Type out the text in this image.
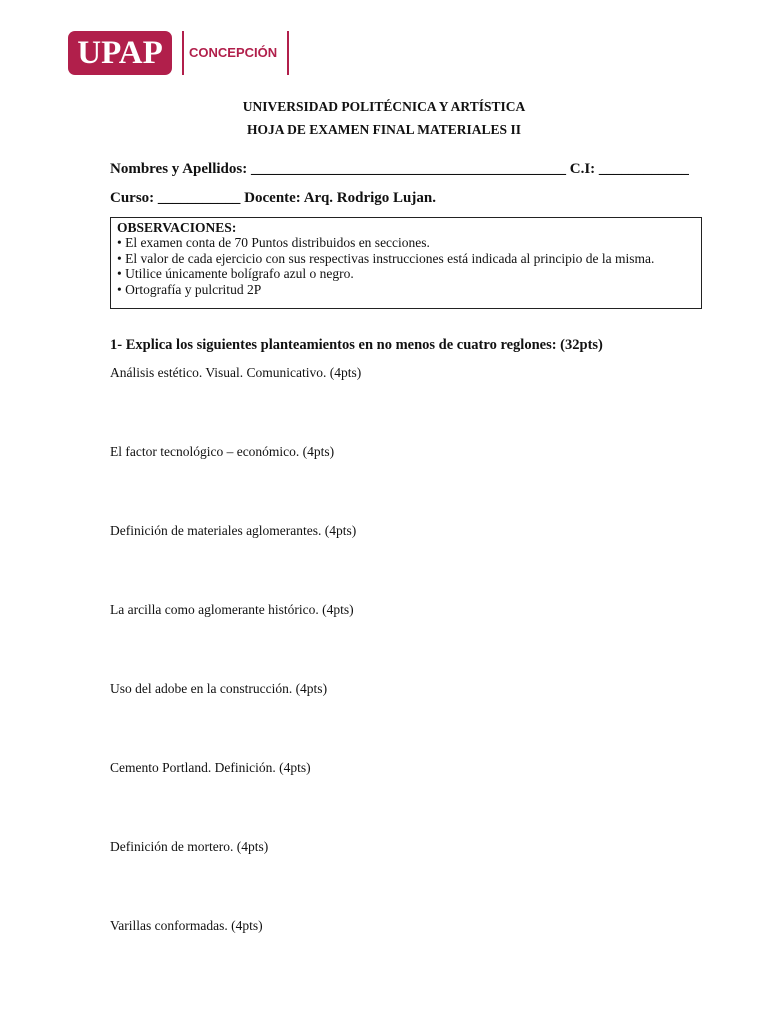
UPAP CONCEPCIÓN
UNIVERSIDAD POLITÉCNICA Y ARTÍSTICA
HOJA DE EXAMEN FINAL MATERIALES II
Nombres y Apellidos: __________________________________________ C.I: ____________
Curso: ___________ Docente: Arq. Rodrigo Lujan.
OBSERVACIONES:
• El examen conta de 70 Puntos distribuidos en secciones.
• El valor de cada ejercicio con sus respectivas instrucciones está indicada al principio de la misma.
• Utilice únicamente bolígrafo azul o negro.
• Ortografía y pulcritud 2P
1- Explica los siguientes planteamientos en no menos de cuatro reglones: (32pts)
Análisis estético. Visual. Comunicativo. (4pts)
El factor tecnológico – económico. (4pts)
Definición de materiales aglomerantes. (4pts)
La arcilla como aglomerante histórico. (4pts)
Uso del adobe en la construcción. (4pts)
Cemento Portland. Definición. (4pts)
Definición de mortero. (4pts)
Varillas conformadas. (4pts)
